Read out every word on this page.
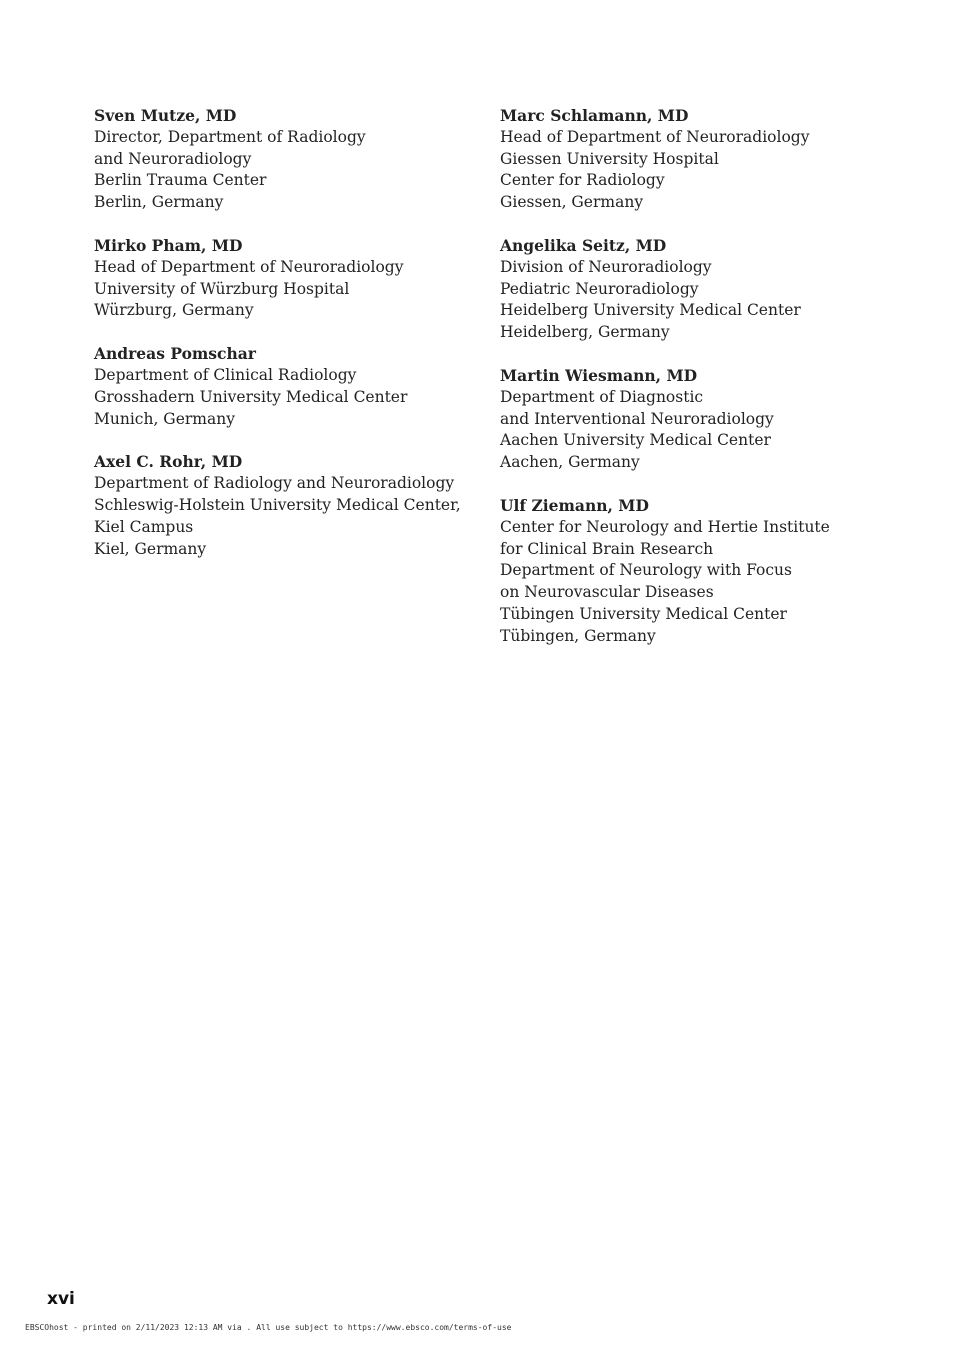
Sven Mutze, MD
Director, Department of Radiology
and Neuroradiology
Berlin Trauma Center
Berlin, Germany
Mirko Pham, MD
Head of Department of Neuroradiology
University of Würzburg Hospital
Würzburg, Germany
Andreas Pomschar
Department of Clinical Radiology
Grosshadern University Medical Center
Munich, Germany
Axel C. Rohr, MD
Department of Radiology and Neuroradiology
Schleswig-Holstein University Medical Center,
Kiel Campus
Kiel, Germany
Marc Schlamann, MD
Head of Department of Neuroradiology
Giessen University Hospital
Center for Radiology
Giessen, Germany
Angelika Seitz, MD
Division of Neuroradiology
Pediatric Neuroradiology
Heidelberg University Medical Center
Heidelberg, Germany
Martin Wiesmann, MD
Department of Diagnostic
and Interventional Neuroradiology
Aachen University Medical Center
Aachen, Germany
Ulf Ziemann, MD
Center for Neurology and Hertie Institute
for Clinical Brain Research
Department of Neurology with Focus
on Neurovascular Diseases
Tübingen University Medical Center
Tübingen, Germany
xvi
EBSCOhost - printed on 2/11/2023 12:13 AM via . All use subject to https://www.ebsco.com/terms-of-use
